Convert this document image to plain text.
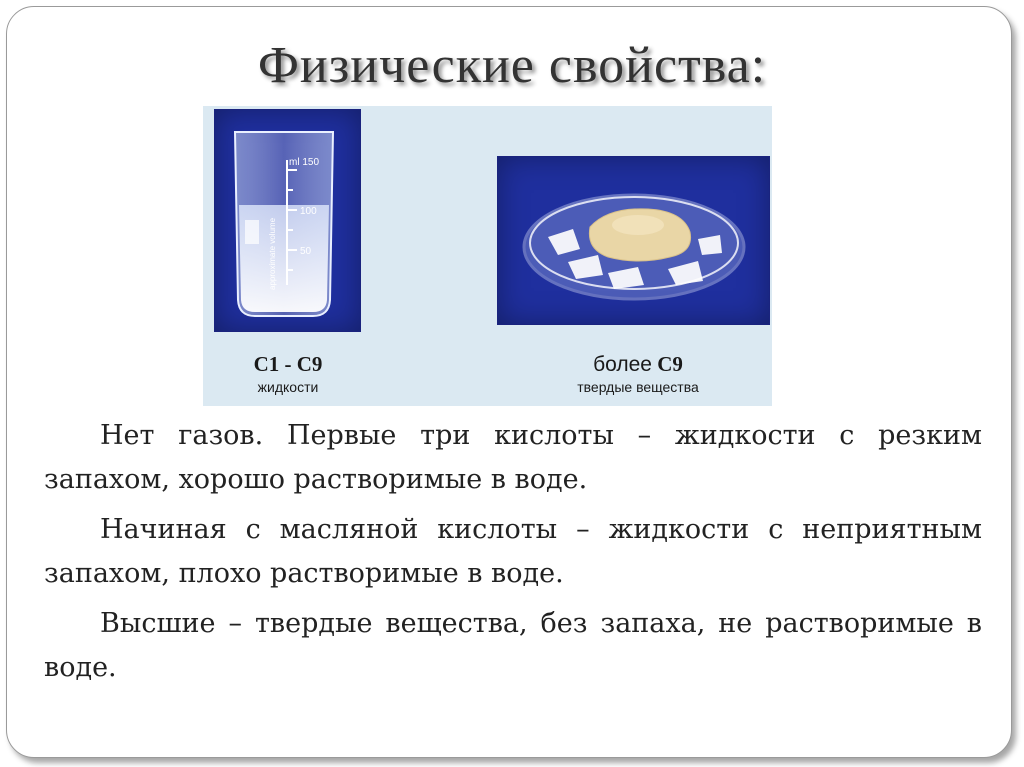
Физические свойства:
ml 150
100
50
approximate volume
C1 - C9
жидкости
более C9
твердые вещества

Нет газов. Первые три кислоты – жидкости с резким запахом, хорошо растворимые в воде.

Начиная с масляной кислоты – жидкости с неприятным запахом, плохо растворимые в воде.

Высшие – твердые вещества, без запаха, не растворимые в воде.
